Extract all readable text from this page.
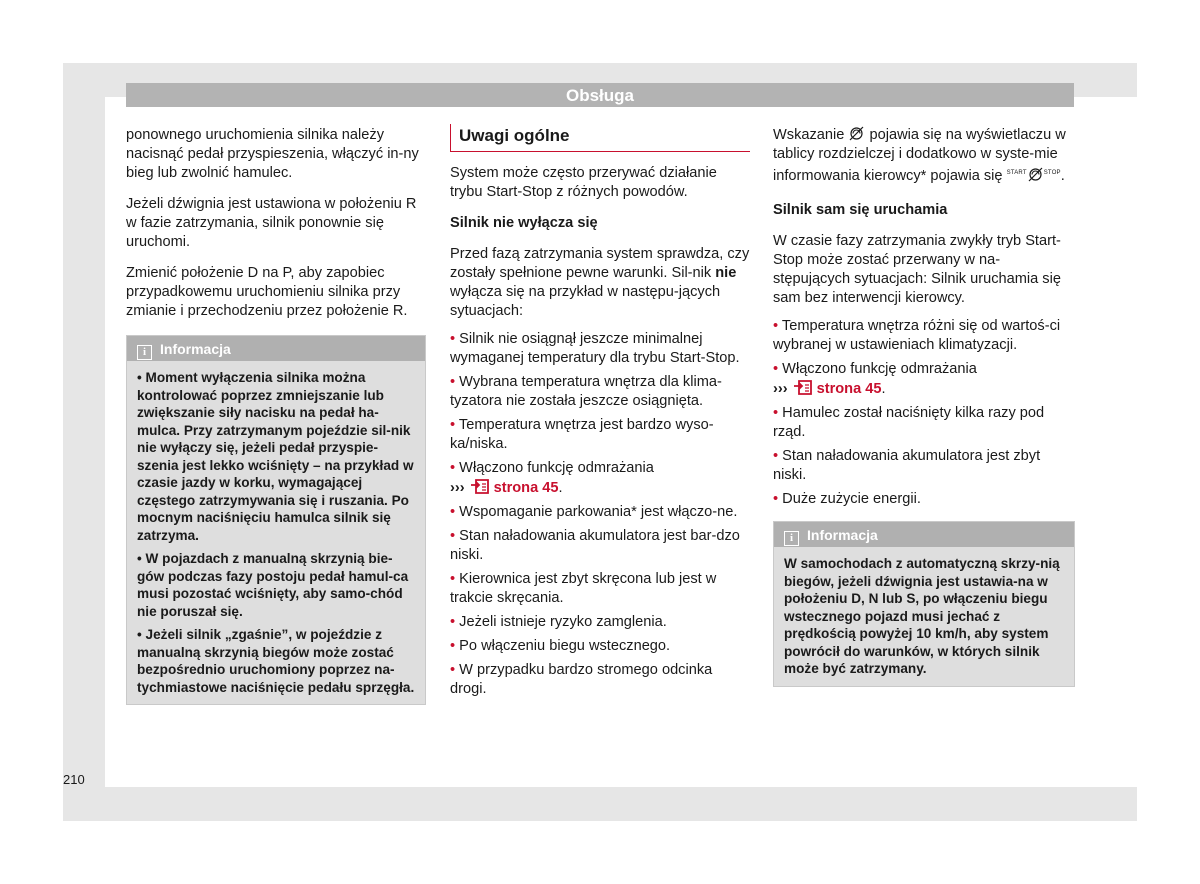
Obsługa

ponownego uruchomienia silnika należy nacisnąć pedał przyspieszenia, włączyć in-ny bieg lub zwolnić hamulec.

Jeżeli dźwignia jest ustawiona w położeniu R w fazie zatrzymania, silnik ponownie się uruchomi.

Zmienić położenie D na P, aby zapobiec przypadkowemu uruchomieniu silnika przy zmianie i przechodzeniu przez położenie R.

i Informacja

• Moment wyłączenia silnika można kontrolować poprzez zmniejszanie lub zwiększanie siły nacisku na pedał ha-mulca. Przy zatrzymanym pojeździe sil-nik nie wyłączy się, jeżeli pedał przyspie-szenia jest lekko wciśnięty – na przykład w czasie jazdy w korku, wymagającej częstego zatrzymywania się i ruszania. Po mocnym naciśnięciu hamulca silnik się zatrzyma.

• W pojazdach z manualną skrzynią bie-gów podczas fazy postoju pedał hamul-ca musi pozostać wciśnięty, aby samo-chód nie poruszał się.

• Jeżeli silnik „zgaśnie”, w pojeździe z manualną skrzynią biegów może zostać bezpośrednio uruchomiony poprzez na-tychmiastowe naciśnięcie pedału sprzęgła.

Uwagi ogólne

System może często przerywać działanie trybu Start-Stop z różnych powodów.

Silnik nie wyłącza się

Przed fazą zatrzymania system sprawdza, czy zostały spełnione pewne warunki. Sil-nik nie wyłącza się na przykład w następu-jących sytuacjach:

• Silnik nie osiągnął jeszcze minimalnej wymaganej temperatury dla trybu Start-Stop.
• Wybrana temperatura wnętrza dla klima-tyzatora nie została jeszcze osiągnięta.
• Temperatura wnętrza jest bardzo wyso-ka/niska.
• Włączono funkcję odmrażania
››› strona 45.
• Wspomaganie parkowania* jest włączo-ne.
• Stan naładowania akumulatora jest bar-dzo niski.
• Kierownica jest zbyt skręcona lub jest w trakcie skręcania.
• Jeżeli istnieje ryzyko zamglenia.
• Po włączeniu biegu wstecznego.
• W przypadku bardzo stromego odcinka drogi.

Wskazanie pojawia się na wyświetlaczu w tablicy rozdzielczej i dodatkowo w syste-mie informowania kierowcy* pojawia się $^{START}$	$^{STOP}$.

Silnik sam się uruchamia

W czasie fazy zatrzymania zwykły tryb Start-Stop może zostać przerwany w na-stępujących sytuacjach: Silnik uruchamia się sam bez interwencji kierowcy.

• Temperatura wnętrza różni się od wartoś-ci wybranej w ustawieniach klimatyzacji.
• Włączono funkcję odmrażania
››› strona 45.
• Hamulec został naciśnięty kilka razy pod rząd.
• Stan naładowania akumulatora jest zbyt niski.
• Duże zużycie energii.
i Informacja

W samochodach z automatyczną skrzy-nią biegów, jeżeli dźwignia jest ustawia-na w położeniu D, N lub S, po włączeniu biegu wstecznego pojazd musi jechać z prędkością powyżej 10 km/h, aby system powrócił do warunków, w których silnik może być zatrzymany.

210
